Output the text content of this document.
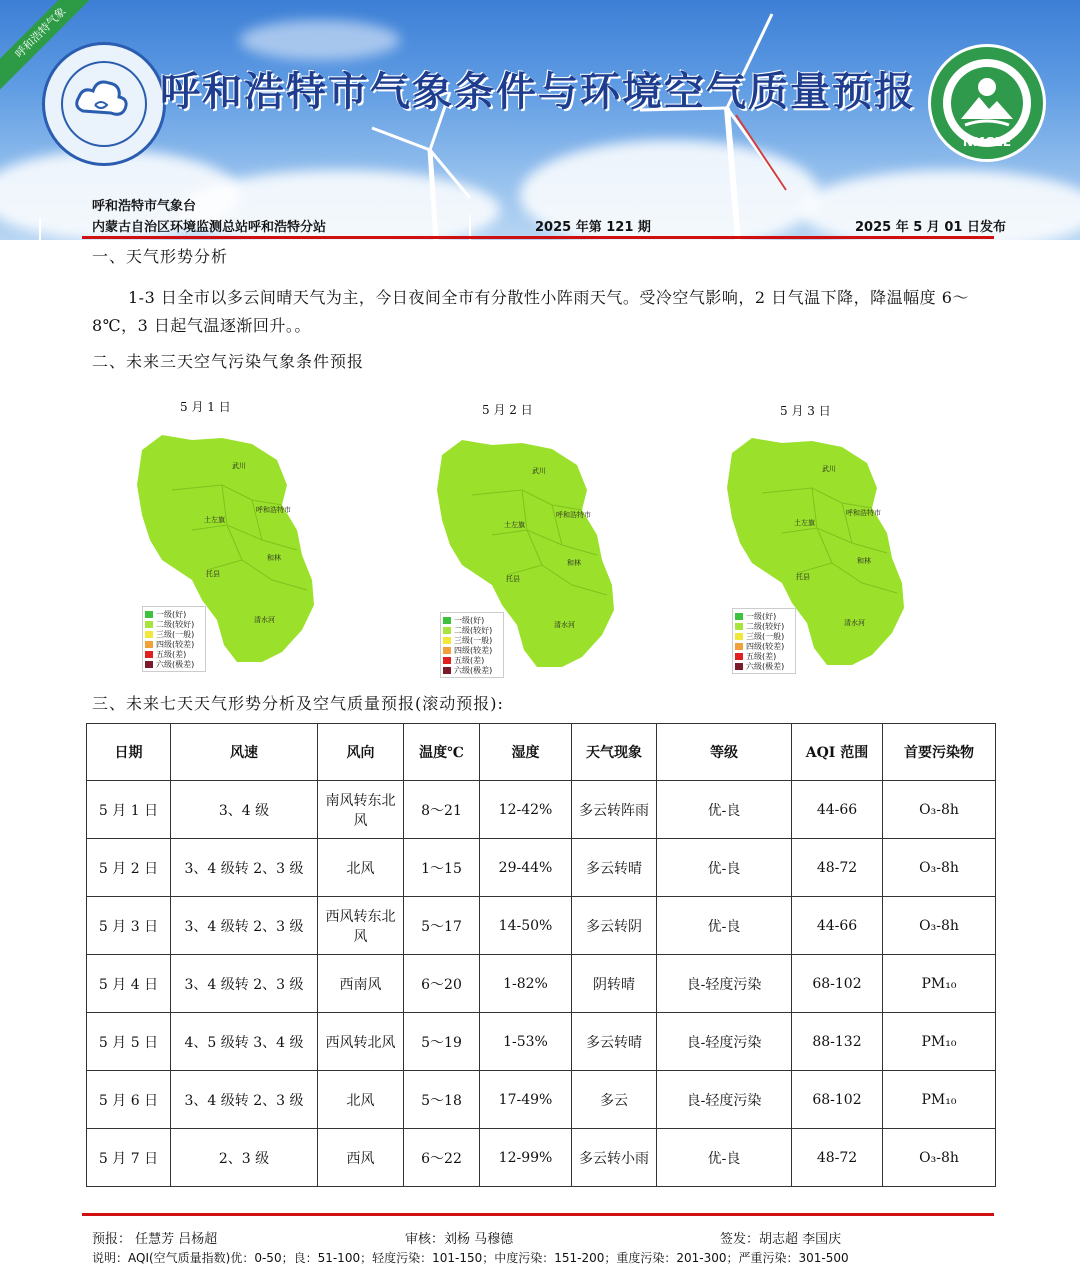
呼和浩特气象
呼和浩特市气象条件与环境空气质量预报
NMGEE
呼和浩特市气象台
内蒙古自治区环境监测总站呼和浩特分站	2025 年第 121 期	2025 年 5 月 01 日发布
一、天气形势分析
1-3 日全市以多云间晴天气为主，今日夜间全市有分散性小阵雨天气。受冷空气影响，2 日气温下降，降温幅度 6～8℃，3 日起气温逐渐回升。。
二、未来三天空气污染气象条件预报
5 月 1 日
武川
呼和浩特市
土左旗
和林
托县
清水河
一级(好)
二级(较好)
三级(一般)
四级(较差)
五级(差)
六级(极差)
5 月 2 日
武川
呼和浩特市
土左旗
和林
托县
清水河
一级(好)
二级(较好)
三级(一般)
四级(较差)
五级(差)
六级(极差)
5 月 3 日
武川
呼和浩特市
土左旗
和林
托县
清水河
一级(好)
二级(较好)
三级(一般)
四级(较差)
五级(差)
六级(极差)
三、未来七天天气形势分析及空气质量预报(滚动预报):
日期	风速	风向	温度℃	湿度	天气现象	等级	AQI 范围	首要污染物
5 月 1 日	3、4 级	南风转东北风	8～21	12-42%	多云转阵雨	优-良	44-66	O₃-8h
5 月 2 日	3、4 级转 2、3 级	北风	1～15	29-44%	多云转晴	优-良	48-72	O₃-8h
5 月 3 日	3、4 级转 2、3 级	西风转东北风	5～17	14-50%	多云转阴	优-良	44-66	O₃-8h
5 月 4 日	3、4 级转 2、3 级	西南风	6～20	1-82%	阴转晴	良-轻度污染	68-102	PM₁₀
5 月 5 日	4、5 级转 3、4 级	西风转北风	5～19	1-53%	多云转晴	良-轻度污染	88-132	PM₁₀
5 月 6 日	3、4 级转 2、3 级	北风	5～18	17-49%	多云	良-轻度污染	68-102	PM₁₀
5 月 7 日	2、3 级	西风	6～22	12-99%	多云转小雨	优-良	48-72	O₃-8h
预报： 任慧芳 吕杨超	审核：刘杨 马穆德	签发：胡志超 李国庆
说明：AQI(空气质量指数)优：0-50；良：51-100；轻度污染：101-150；中度污染：151-200；重度污染：201-300；严重污染：301-500
